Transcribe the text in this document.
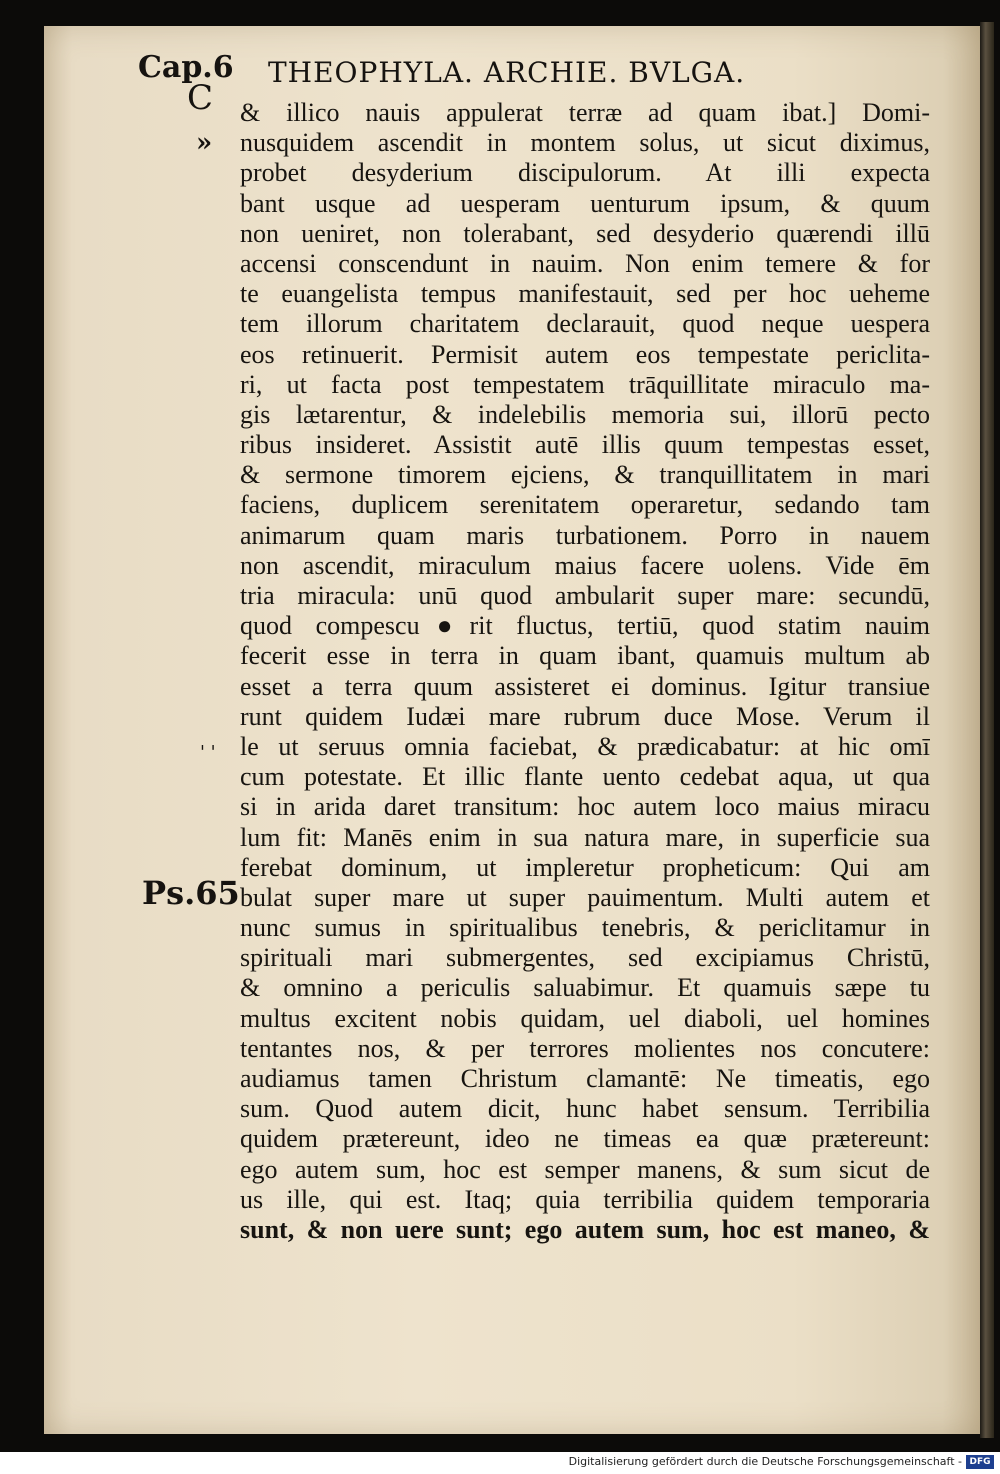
Cap.6
C
»
' '
Ps.65
THEOPHYLA. ARCHIE. BVLGA.
& illico nauis appulerat terræ ad quam ibat.] Domi-
nusquidem ascendit in montem solus, ut sicut diximus,
probet desyderium discipulorum. At illi expecta
bant usque ad uesperam uenturum ipsum, & quum
non ueniret, non tolerabant, sed desyderio quærendi illū
accensi conscendunt in nauim. Non enim temere & for
te euangelista tempus manifestauit, sed per hoc ueheme
tem illorum charitatem declarauit, quod neque uespera
eos retinuerit. Permisit autem eos tempestate periclita-
ri, ut facta post tempestatem trāquillitate miraculo ma-
gis lætarentur, & indelebilis memoria sui, illorū pecto
ribus insideret. Assistit autē illis quum tempestas esset,
& sermone timorem ejciens, & tranquillitatem in mari
faciens, duplicem serenitatem operaretur, sedando tam
animarum quam maris turbationem. Porro in nauem
non ascendit, miraculum maius facere uolens. Vide ēm
tria miracula: unū quod ambularit super mare: secundū,
quod compescu●rit fluctus, tertiū, quod statim nauim
fecerit esse in terra in quam ibant, quamuis multum ab
esset a terra quum assisteret ei dominus. Igitur transiue
runt quidem Iudæi mare rubrum duce Mose. Verum il
le ut seruus omnia faciebat, & prædicabatur: at hic omī
cum potestate. Et illic flante uento cedebat aqua, ut qua
si in arida daret transitum: hoc autem loco maius miracu
lum fit: Manēs enim in sua natura mare, in superficie sua
ferebat dominum, ut impleretur propheticum: Qui am
bulat super mare ut super pauimentum. Multi autem et
nunc sumus in spiritualibus tenebris, & periclitamur in
spirituali mari submergentes, sed excipiamus Christū,
& omnino a periculis saluabimur. Et quamuis sæpe tu
multus excitent nobis quidam, uel diaboli, uel homines
tentantes nos, & per terrores molientes nos concutere:
audiamus tamen Christum clamantē: Ne timeatis, ego
sum. Quod autem dicit, hunc habet sensum. Terribilia
quidem prætereunt, ideo ne timeas ea quæ prætereunt:
ego autem sum, hoc est semper manens, & sum sicut de
us ille, qui est. Itaq; quia terribilia quidem temporaria
sunt, & non uere sunt; ego autem sum, hoc est maneo, &
Digitalisierung gefördert durch die Deutsche Forschungsgemeinschaft - DFG
